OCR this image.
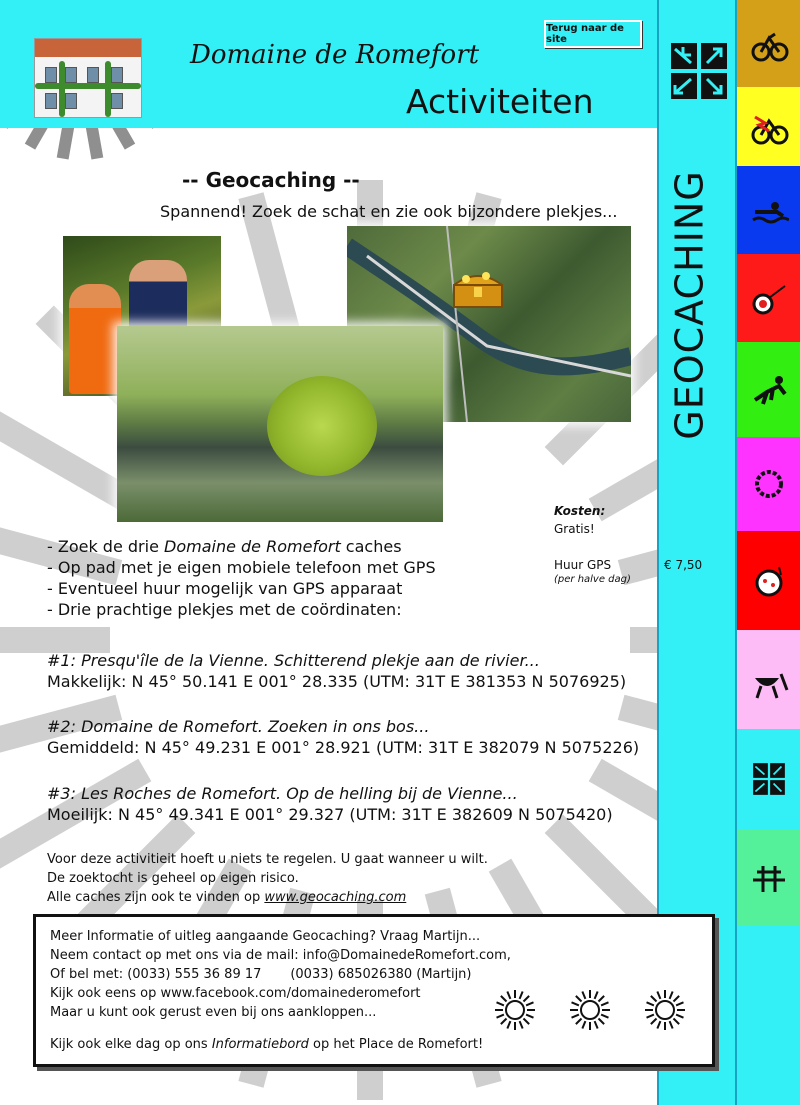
Domaine de Romefort
Activiteiten
Terug naar de site
GEOCACHING
-- Geocaching --
Spannend! Zoek de schat en zie ook bijzondere plekjes...
Kosten:
Gratis!
Huur GPS
(per halve dag)
€ 7,50
- Zoek de drie Domaine de Romefort caches
- Op pad met je eigen mobiele telefoon met GPS
- Eventueel huur mogelijk van GPS apparaat
- Drie prachtige plekjes met de coördinaten:
#1: Presqu'île de la Vienne. Schitterend plekje aan de rivier...
Makkelijk: N 45° 50.141 E 001° 28.335 (UTM: 31T E 381353 N 5076925)
#2: Domaine de Romefort. Zoeken in ons bos...
Gemiddeld: N 45° 49.231 E 001° 28.921 (UTM: 31T E 382079 N 5075226)
#3: Les Roches de Romefort. Op de helling bij de Vienne...
Moeilijk: N 45° 49.341 E 001° 29.327 (UTM: 31T E 382609 N 5075420)
Voor deze activitieit hoeft u niets te regelen. U gaat wanneer u wilt.
De zoektocht is geheel op eigen risico.
Alle caches zijn ook te vinden op www.geocaching.com
Meer Informatie of uitleg aangaande Geocaching? Vraag Martijn...
Neem contact op met ons via de mail: info@DomainedeRomefort.com,
Of bel met: (0033) 555 36 89 17       (0033) 685026380 (Martijn)
Kijk ook eens op www.facebook.com/domainederomefort
Maar u kunt ook gerust even bij ons aankloppen...
Kijk ook elke dag op ons Informatiebord op het Place de Romefort!
